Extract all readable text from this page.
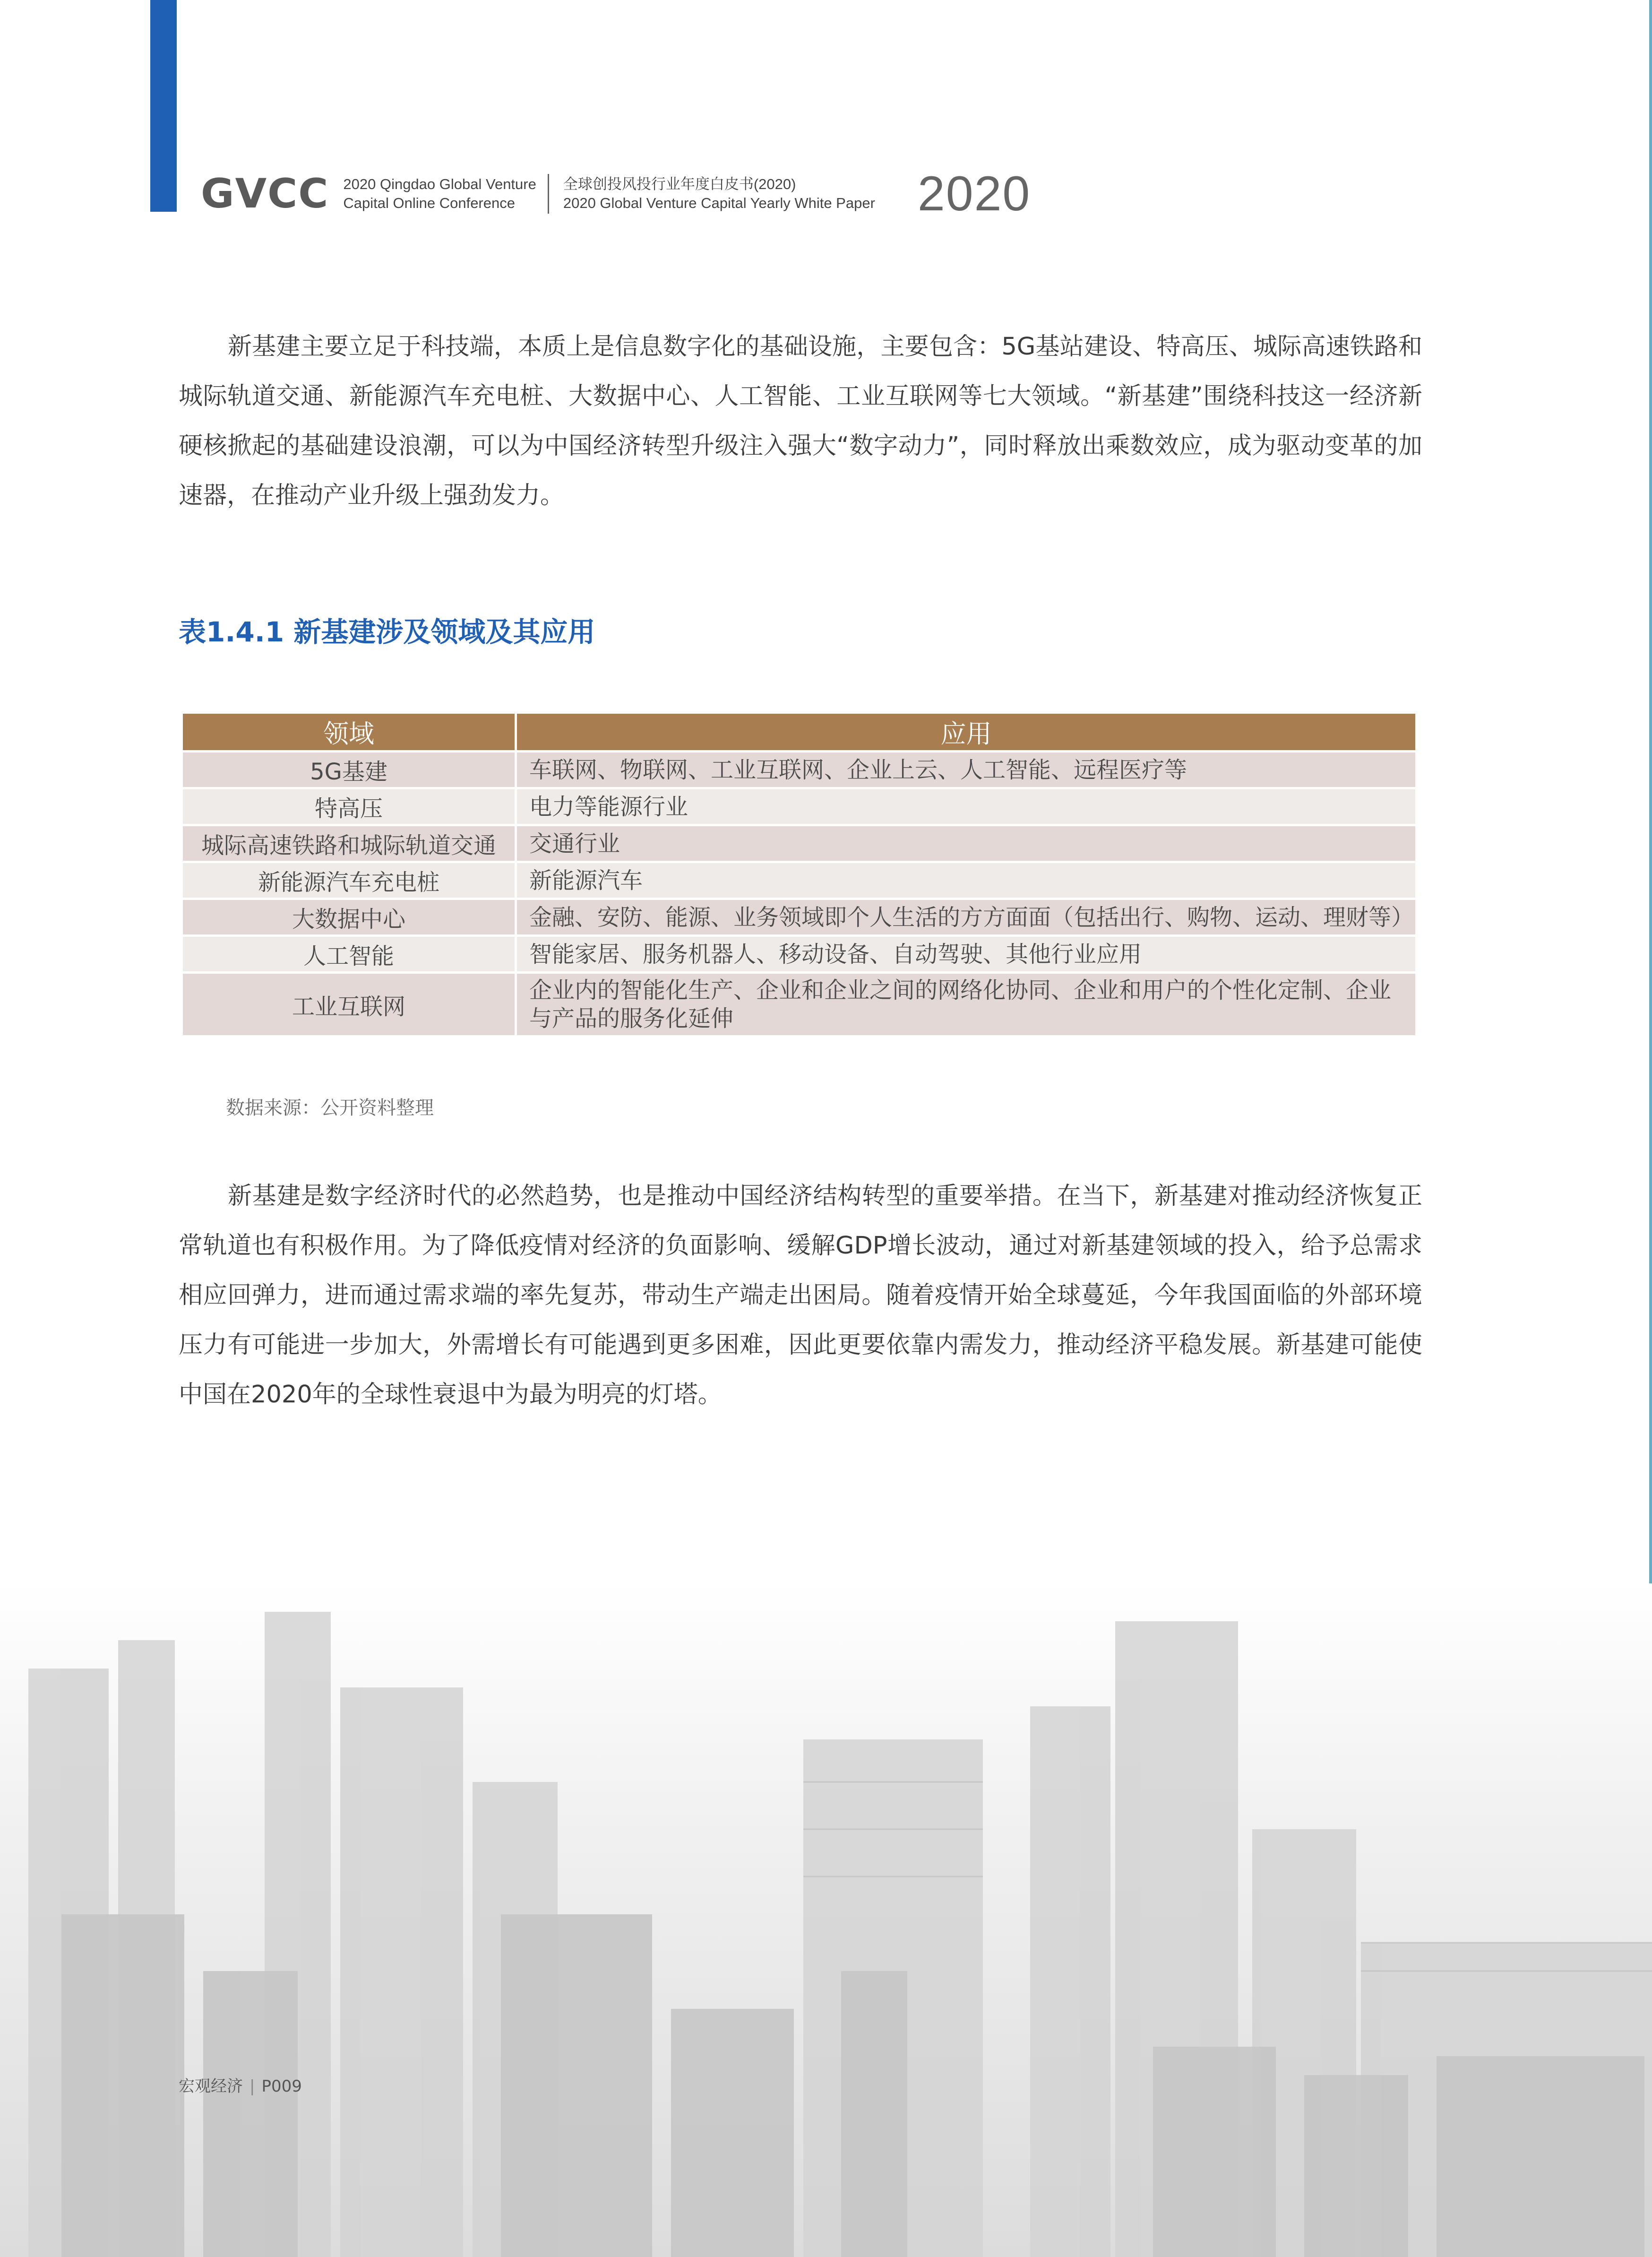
GVCC 2020 Qingdao Global Venture
Capital Online Conference
全球创投风投行业年度白皮书(2020)
2020 Global Venture Capital Yearly White Paper 2020

新基建主要立足于科技端，本质上是信息数字化的基础设施，主要包含：5G基站建设、特高压、城际高速铁路和城际轨道交通、新能源汽车充电桩、大数据中心、人工智能、工业互联网等七大领域。“新基建”围绕科技这一经济新硬核掀起的基础建设浪潮，可以为中国经济转型升级注入强大“数字动力”，同时释放出乘数效应，成为驱动变革的加速器，在推动产业升级上强劲发力。

表1.4.1 新基建涉及领域及其应用
领域	应用
5G基建	车联网、物联网、工业互联网、企业上云、人工智能、远程医疗等
特高压	电力等能源行业
城际高速铁路和城际轨道交通	交通行业
新能源汽车充电桩	新能源汽车
大数据中心	金融、安防、能源、业务领域即个人生活的方方面面（包括出行、购物、运动、理财等）
人工智能	智能家居、服务机器人、移动设备、自动驾驶、其他行业应用
工业互联网	企业内的智能化生产、企业和企业之间的网络化协同、企业和用户的个性化定制、企业与产品的服务化延伸

数据来源：公开资料整理

新基建是数字经济时代的必然趋势，也是推动中国经济结构转型的重要举措。在当下，新基建对推动经济恢复正常轨道也有积极作用。为了降低疫情对经济的负面影响、缓解GDP增长波动，通过对新基建领域的投入，给予总需求相应回弹力，进而通过需求端的率先复苏，带动生产端走出困局。随着疫情开始全球蔓延，今年我国面临的外部环境压力有可能进一步加大，外需增长有可能遇到更多困难，因此更要依靠内需发力，推动经济平稳发展。新基建可能使中国在2020年的全球性衰退中为最为明亮的灯塔。

宏观经济 | P009
